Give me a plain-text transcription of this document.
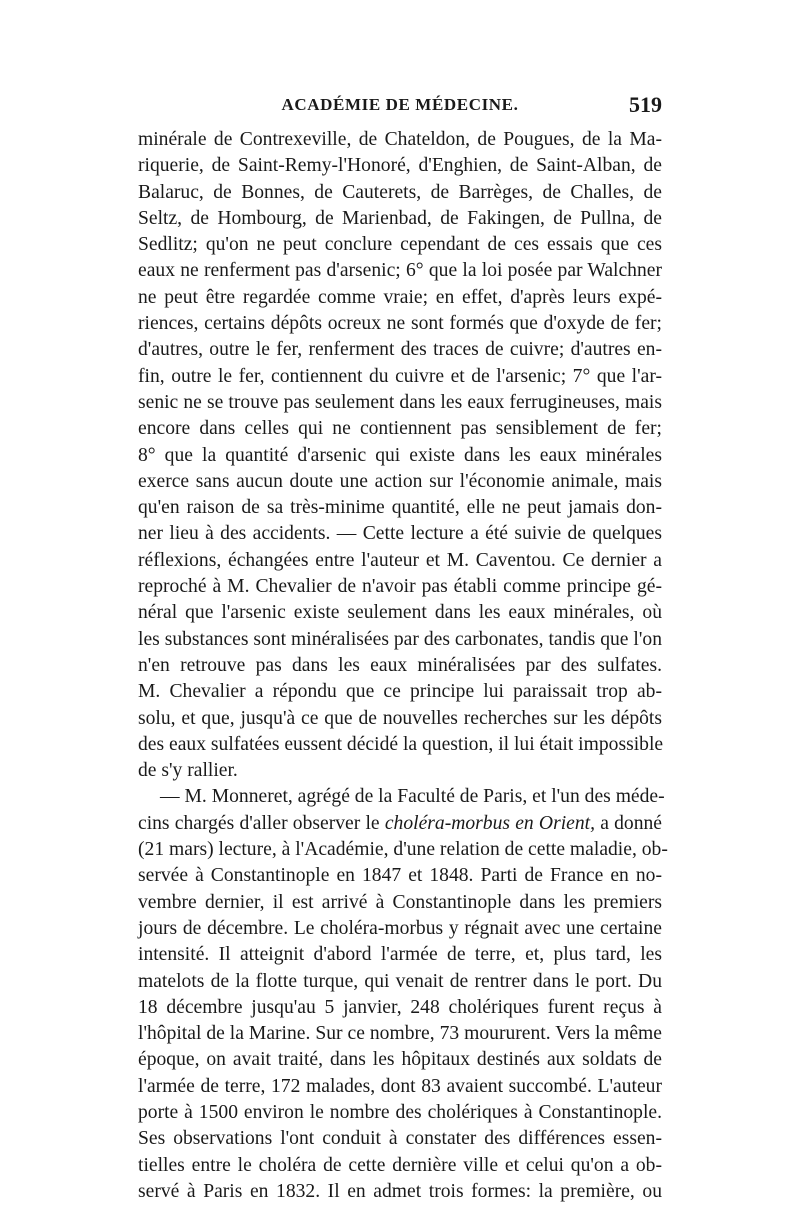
ACADÉMIE DE MÉDECINE.	519
minérale de Contrexeville, de Chateldon, de Pougues, de la Ma-
riquerie, de Saint-Remy-l'Honoré, d'Enghien, de Saint-Alban, de
Balaruc, de Bonnes, de Cauterets, de Barrèges, de Challes, de
Seltz, de Hombourg, de Marienbad, de Fakingen, de Pullna, de
Sedlitz; qu'on ne peut conclure cependant de ces essais que ces
eaux ne renferment pas d'arsenic; 6° que la loi posée par Walchner
ne peut être regardée comme vraie; en effet, d'après leurs expé-
riences, certains dépôts ocreux ne sont formés que d'oxyde de fer;
d'autres, outre le fer, renferment des traces de cuivre; d'autres en-
fin, outre le fer, contiennent du cuivre et de l'arsenic; 7° que l'ar-
senic ne se trouve pas seulement dans les eaux ferrugineuses, mais
encore dans celles qui ne contiennent pas sensiblement de fer;
8° que la quantité d'arsenic qui existe dans les eaux minérales
exerce sans aucun doute une action sur l'économie animale, mais
qu'en raison de sa très-minime quantité, elle ne peut jamais don-
ner lieu à des accidents. — Cette lecture a été suivie de quelques
réflexions, échangées entre l'auteur et M. Caventou. Ce dernier a
reproché à M. Chevalier de n'avoir pas établi comme principe gé-
néral que l'arsenic existe seulement dans les eaux minérales, où
les substances sont minéralisées par des carbonates, tandis que l'on
n'en retrouve pas dans les eaux minéralisées par des sulfates.
M. Chevalier a répondu que ce principe lui paraissait trop ab-
solu, et que, jusqu'à ce que de nouvelles recherches sur les dépôts
des eaux sulfatées eussent décidé la question, il lui était impossible
de s'y rallier.
— M. Monneret, agrégé de la Faculté de Paris, et l'un des méde-
cins chargés d'aller observer le choléra-morbus en Orient, a donné
(21 mars) lecture, à l'Académie, d'une relation de cette maladie, ob-
servée à Constantinople en 1847 et 1848. Parti de France en no-
vembre dernier, il est arrivé à Constantinople dans les premiers
jours de décembre. Le choléra-morbus y régnait avec une certaine
intensité. Il atteignit d'abord l'armée de terre, et, plus tard, les
matelots de la flotte turque, qui venait de rentrer dans le port. Du
18 décembre jusqu'au 5 janvier, 248 cholériques furent reçus à
l'hôpital de la Marine. Sur ce nombre, 73 moururent. Vers la même
époque, on avait traité, dans les hôpitaux destinés aux soldats de
l'armée de terre, 172 malades, dont 83 avaient succombé. L'auteur
porte à 1500 environ le nombre des cholériques à Constantinople.
Ses observations l'ont conduit à constater des différences essen-
tielles entre le choléra de cette dernière ville et celui qu'on a ob-
servé à Paris en 1832. Il en admet trois formes: la première, ou
